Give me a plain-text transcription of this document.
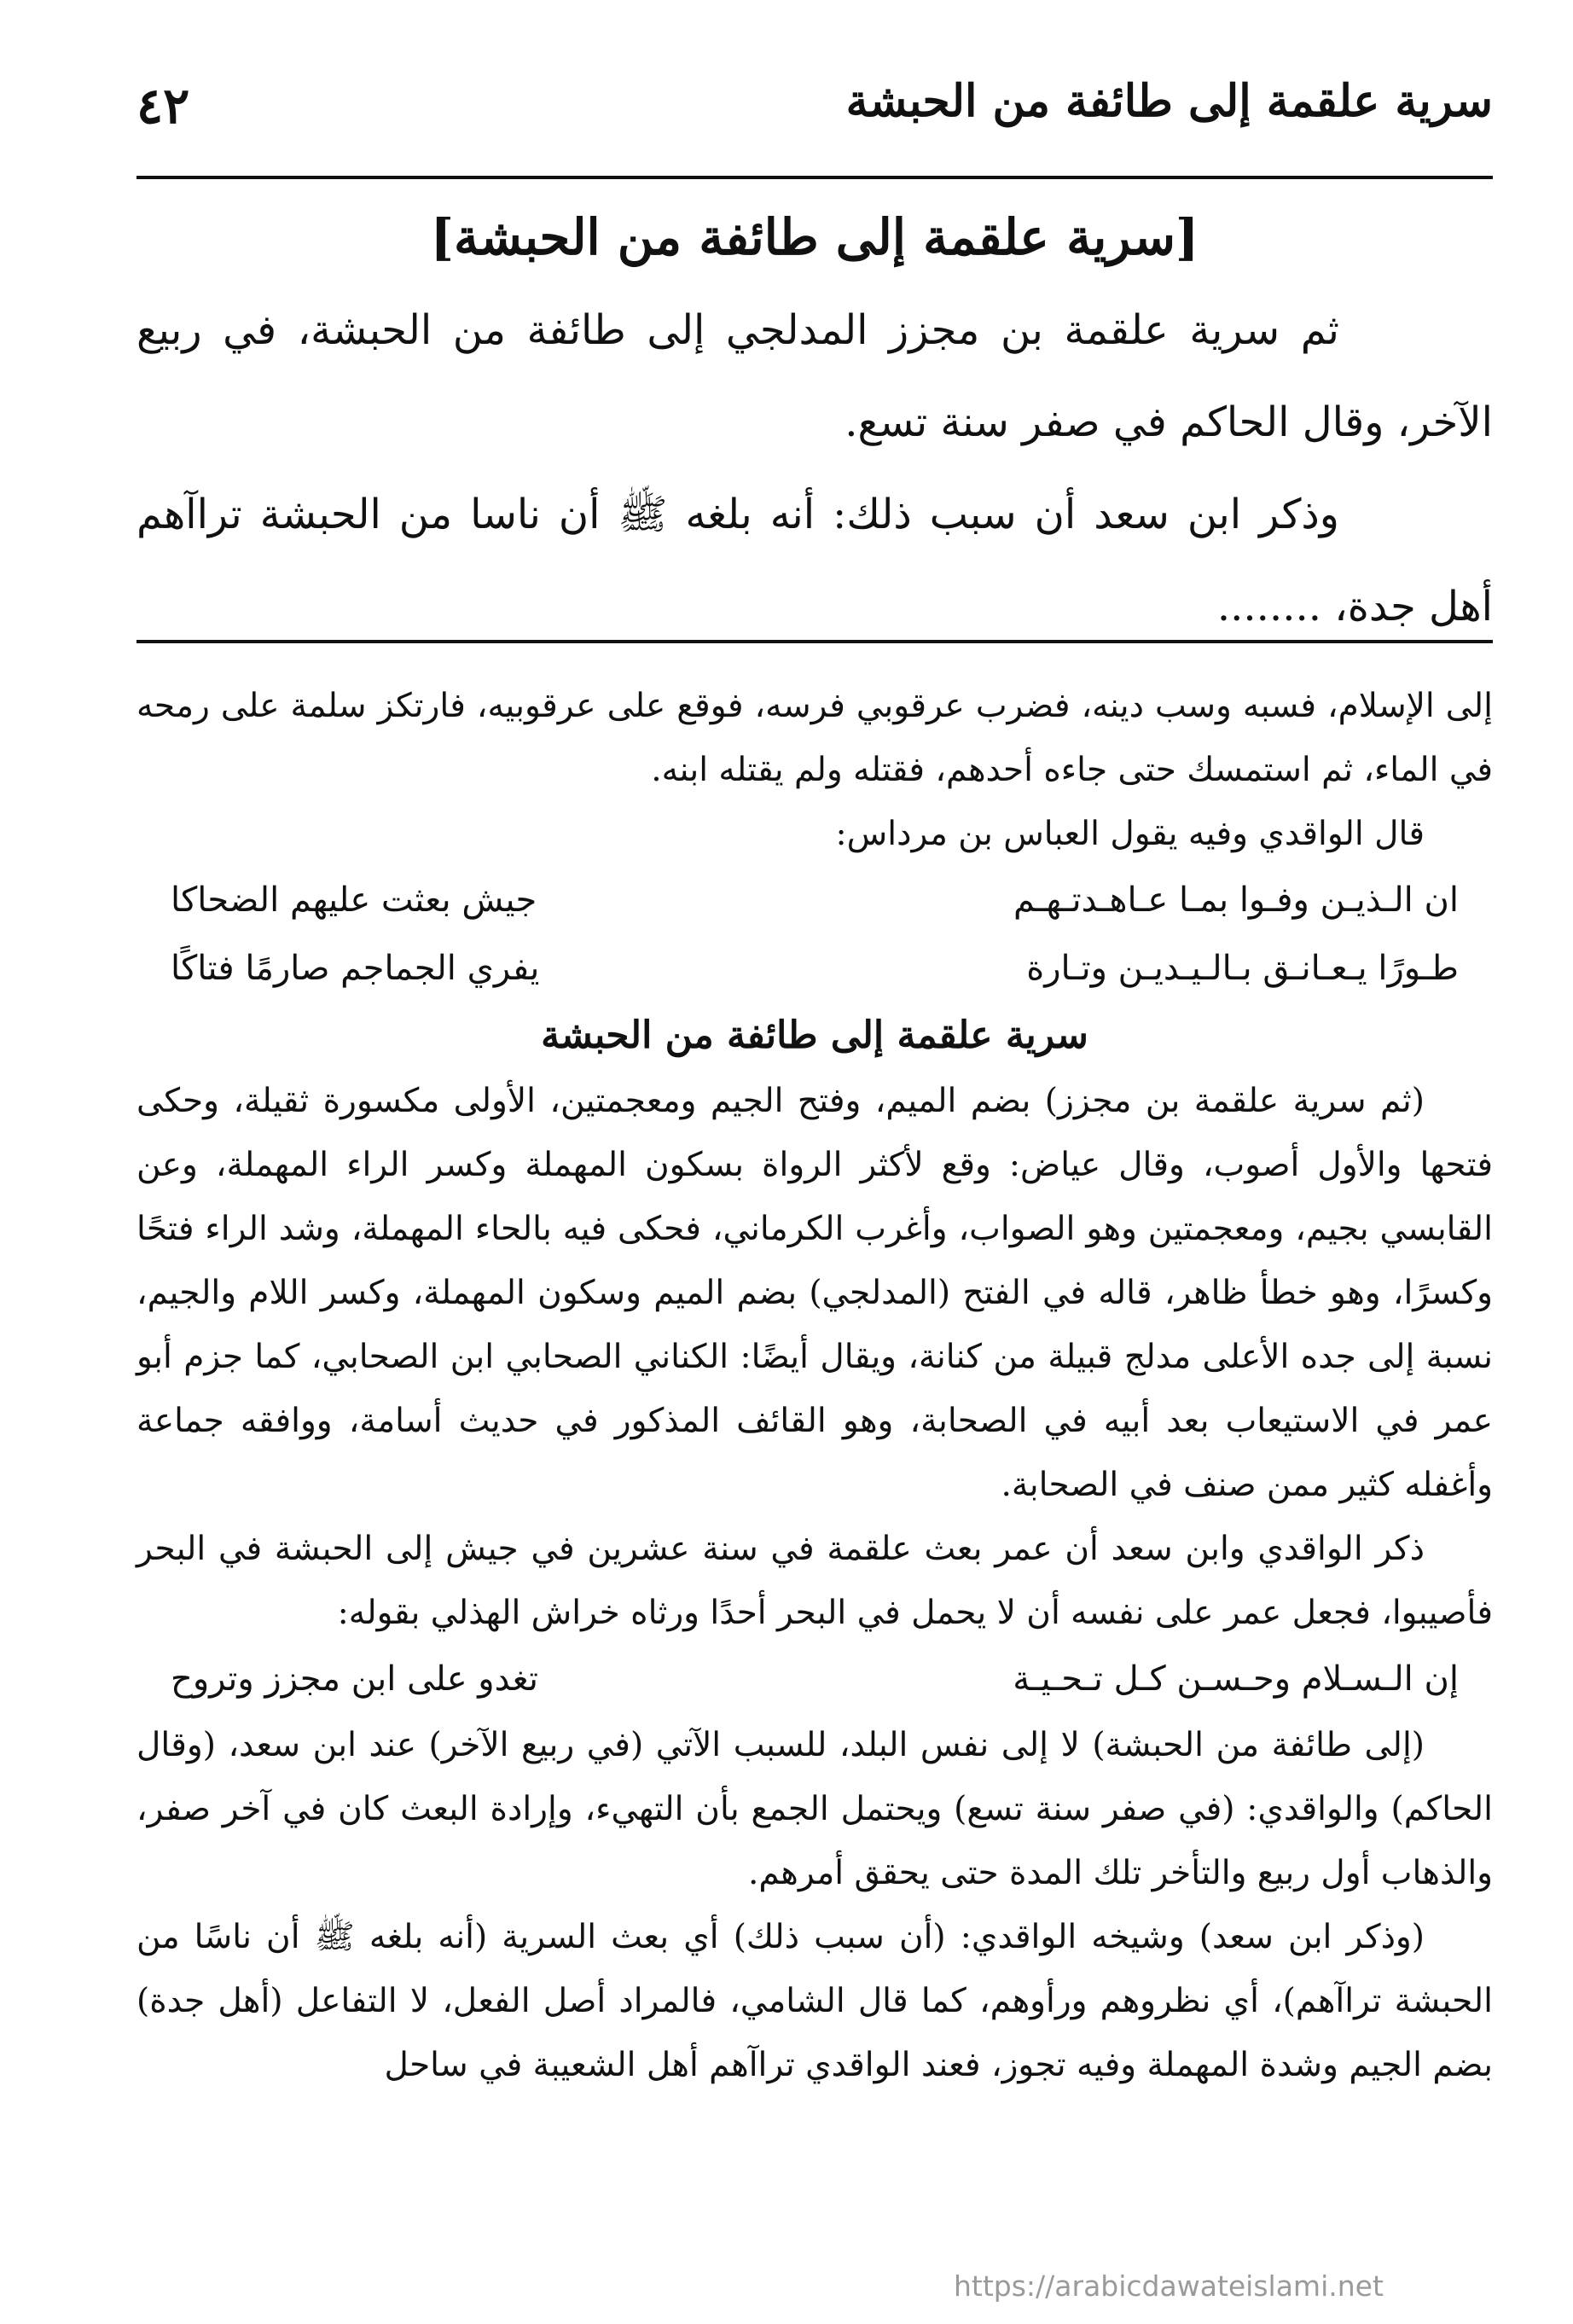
سرية علقمة إلى طائفة من الحبشة
٤٢
[سرية علقمة إلى طائفة من الحبشة]

ثم سرية علقمة بن مجزز المدلجي إلى طائفة من الحبشة، في ربيع الآخر، وقال الحاكم في صفر سنة تسع.

وذكر ابن سعد أن سبب ذلك: أنه بلغه ﷺ أن ناسا من الحبشة تراآهم أهل جدة، ........

إلى الإسلام، فسبه وسب دينه، فضرب عرقوبي فرسه، فوقع على عرقوبيه، فارتكز سلمة على رمحه في الماء، ثم استمسك حتى جاءه أحدهم، فقتله ولم يقتله ابنه.

قال الواقدي وفيه يقول العباس بن مرداس:

ان الـذيـن وفـوا بمـا عـاهـدتـهـم
جيش بعثت عليهم الضحاكا
طـورًا يـعـانـق بـالـيـديـن وتـارة
يفري الجماجم صارمًا فتاكًا
سرية علقمة إلى طائفة من الحبشة

(ثم سرية علقمة بن مجزز) بضم الميم، وفتح الجيم ومعجمتين، الأولى مكسورة ثقيلة، وحكى فتحها والأول أصوب، وقال عياض: وقع لأكثر الرواة بسكون المهملة وكسر الراء المهملة، وعن القابسي بجيم، ومعجمتين وهو الصواب، وأغرب الكرماني، فحكى فيه بالحاء المهملة، وشد الراء فتحًا وكسرًا، وهو خطأ ظاهر، قاله في الفتح (المدلجي) بضم الميم وسكون المهملة، وكسر اللام والجيم، نسبة إلى جده الأعلى مدلج قبيلة من كنانة، ويقال أيضًا: الكناني الصحابي ابن الصحابي، كما جزم أبو عمر في الاستيعاب بعد أبيه في الصحابة، وهو القائف المذكور في حديث أسامة، ووافقه جماعة وأغفله كثير ممن صنف في الصحابة.

ذكر الواقدي وابن سعد أن عمر بعث علقمة في سنة عشرين في جيش إلى الحبشة في البحر فأصيبوا، فجعل عمر على نفسه أن لا يحمل في البحر أحدًا ورثاه خراش الهذلي بقوله:

إن الـسـلام وحـسـن كـل تـحـيـة
تغدو على ابن مجزز وتروح

(إلى طائفة من الحبشة) لا إلى نفس البلد، للسبب الآتي (في ربيع الآخر) عند ابن سعد، (وقال الحاكم) والواقدي: (في صفر سنة تسع) ويحتمل الجمع بأن التهيء، وإرادة البعث كان في آخر صفر، والذهاب أول ربيع والتأخر تلك المدة حتى يحقق أمرهم.

(وذكر ابن سعد) وشيخه الواقدي: (أن سبب ذلك) أي بعث السرية (أنه بلغه ﷺ أن ناسًا من الحبشة تراآهم)، أي نظروهم ورأوهم، كما قال الشامي، فالمراد أصل الفعل، لا التفاعل (أهل جدة) بضم الجيم وشدة المهملة وفيه تجوز، فعند الواقدي تراآهم أهل الشعيبة في ساحل

https://arabicdawateislami.net
